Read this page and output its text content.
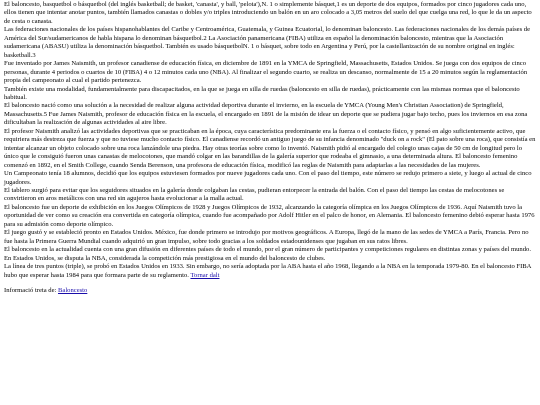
El baloncesto, basquetbol o básquetbol (del inglés basketball; de basket, 'canasta', y ball, 'pelota'),N. 1 o simplemente básquet,1 es un deporte de dos equipos, formados por cinco jugadores cada uno, ellos tienen que intentar anotar puntos, también llamados canastas o dobles y/o triples introduciendo un balón en un aro colocado a 3,05 metros del suelo del que cuelga una red, lo que le da un aspecto de cesta o canasta.

Las federaciones nacionales de los países hispanohablantes del Caribe y Centroamérica, Guatemala, y Guinea Ecuatorial, lo denominan baloncesto. Las federaciones nacionales de los demás países de América del Sur/sudamericanos de habla hispana lo denominan básquetbol.2 La Asociación panamericana (FIBA) utiliza en español la denominación baloncesto, mientras que la Asociación sudamericana (ABASU) utiliza la denominación básquetbol. También es usado básquetbolN. 1 o básquet, sobre todo en Argentina y Perú, por la castellanización de su nombre original en inglés: basketball.3

Fue inventado por James Naismith, un profesor canadiense de educación física, en diciembre de 1891 en la YMCA de Springfield, Massachusetts, Estados Unidos. Se juega con dos equipos de cinco personas, durante 4 periodos o cuartos de 10 (FIBA) 4 o 12 minutos cada uno (NBA). Al finalizar el segundo cuarto, se realiza un descanso, normalmente de 15 a 20 minutos según la reglamentación propia del campeonato al cual el partido pertenezca.

También existe una modalidad, fundamentalmente para discapacitados, en la que se juega en silla de ruedas (baloncesto en silla de ruedas), prácticamente con las mismas normas que el baloncesto habitual.

El baloncesto nació como una solución a la necesidad de realizar alguna actividad deportiva durante el invierno, en la escuela de YMCA (Young Men's Christian Association) de Springfield, Massachusetts.5 Fue James Naismith, profesor de educación física en la escuela, el encargado en 1891 de la misión de idear un deporte que se pudiera jugar bajo techo, pues los inviernos en esa zona dificultaban la realización de algunas actividades al aire libre.

El profesor Naismith analizó las actividades deportivas que se practicaban en la época, cuya característica predominante era la fuerza o el contacto físico, y pensó en algo suficientemente activo, que requiriera más destreza que fuerza y que no tuviese mucho contacto físico. El canadiense recordó un antiguo juego de su infancia denominado "duck on a rock" (El pato sobre una roca), que consistía en intentar alcanzar un objeto colocado sobre una roca lanzándole una piedra. Hay otras teorías sobre como lo inventó. Naismith pidió al encargado del colegio unas cajas de 50 cm de longitud pero lo único que le consiguió fueron unas canastas de melocotones, que mandó colgar en las barandillas de la galería superior que rodeaba el gimnasio, a una determinada altura. El baloncesto femenino comenzó en 1892, en el Smith College, cuando Senda Berenson, una profesora de educación física, modificó las reglas de Naismith para adaptarlas a las necesidades de las mujeres.

Un Campeonato tenía 18 alumnos, decidió que los equipos estuviesen formados por nueve jugadores cada uno. Con el paso del tiempo, este número se redujo primero a siete, y luego al actual de cinco jugadores.

El tablero surgió para evitar que los seguidores situados en la galería donde colgaban las cestas, pudieran entorpecer la entrada del balón. Con el paso del tiempo las cestas de melocotones se convirtieron en aros metálicos con una red sin agujeros hasta evolucionar a la malla actual.

El baloncesto fue un deporte de exhibición en los Juegos Olímpicos de 1928 y Juegos Olímpicos de 1932, alcanzando la categoría olímpica en los Juegos Olímpicos de 1936. Aquí Naismith tuvo la oportunidad de ver como su creación era convertida en categoría olímpica, cuando fue acompañado por Adolf Hitler en el palco de honor, en Alemania. El baloncesto femenino debió esperar hasta 1976 para su admisión como deporte olímpico.

El juego gustó y se estableció pronto en Estados Unidos. México, fue donde primero se introdujo por motivos geográficos. A Europa, llegó de la mano de las sedes de YMCA a París, Francia. Pero no fue hasta la Primera Guerra Mundial cuando adquirió un gran impulso, sobre todo gracias a los soldados estadounidenses que jugaban en sus ratos libres.

El baloncesto en la actualidad cuenta con una gran difusión en diferentes países de todo el mundo, por el gran número de participantes y competiciones regulares en distintas zonas y países del mundo. En Estados Unidos, se disputa la NBA, considerada la competición más prestigiosa en el mundo del baloncesto de clubes.

La línea de tres puntos (triple), se probó en Estados Unidos en 1933. Sin embargo, no sería adoptada por la ABA hasta el año 1968, llegando a la NBA en la temporada 1979-80. En el baloncesto FIBA hubo que esperar hasta 1984 para que formara parte de su reglamento. Tornar dalt

Informació treta de: Baloncesto
